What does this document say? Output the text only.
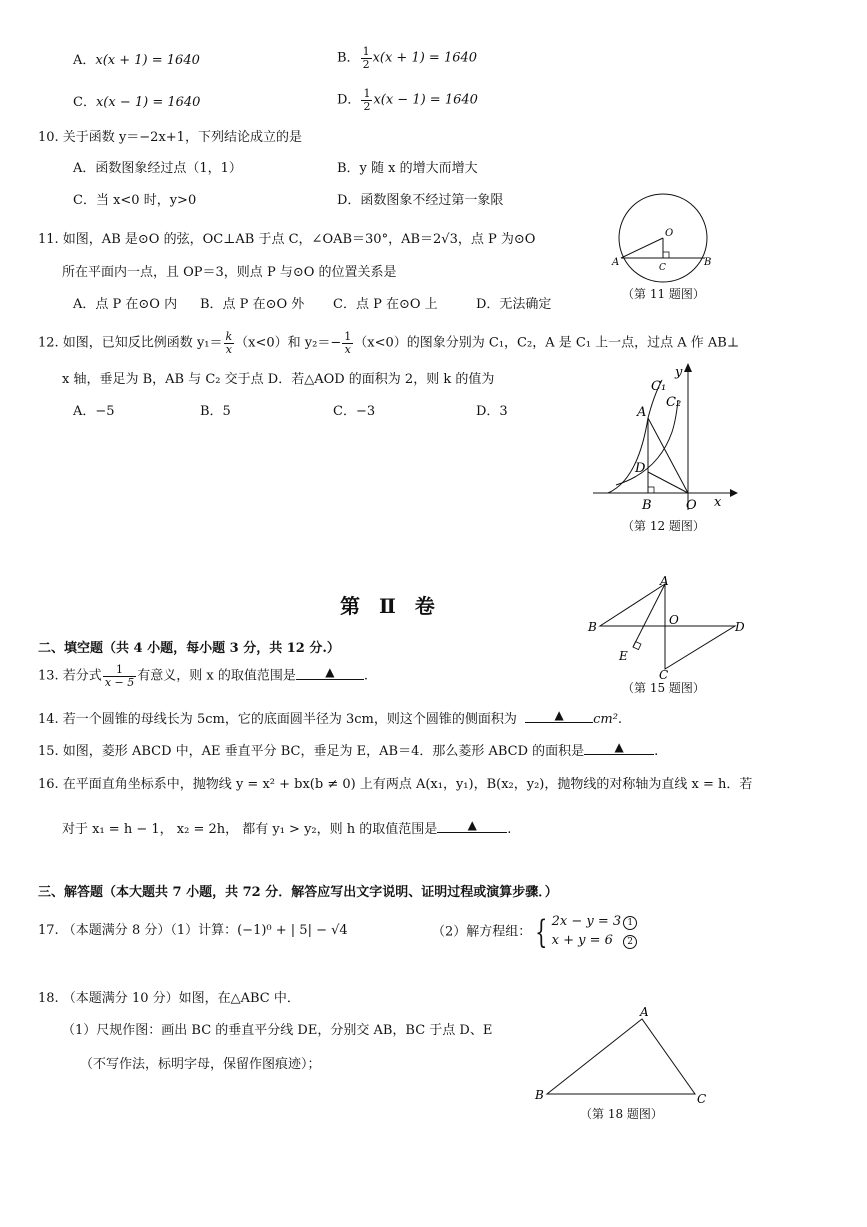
A．x(x + 1) = 1640	B． $\frac{1}{2} x(x + 1) = 1640$
C．x(x − 1) = 1640	D． $\frac{1}{2} x(x - 1) = 1640$
10. 关于函数 y＝−2x+1，下列结论成立的是
A．函数图象经过点（1，1）	B．y 随 x 的增大而增大
C．当 x<0 时，y>0	D．函数图象不经过第一象限
11. 如图，AB 是⊙O 的弦，OC⊥AB 于点 C，∠OAB＝30°，AB＝2√3，点 P 为⊙O
所在平面内一点，且 OP＝3，则点 P 与⊙O 的位置关系是
A．点 P 在⊙O 内 B．点 P 在⊙O 外 C．点 P 在⊙O 上	D．无法确定
O
A	B
C
（第 11 题图）
12. 如图，已知反比例函数 $y_1= \frac{k}{x} (x<0)$和 $y_2=- \frac{1}{x} (x<0)$的图象分别为 C₁，C₂，A 是 C₁ 上一点，过点 A 作 AB⊥
x 轴，垂足为 B，AB 与 C₂ 交于点 D．若△AOD 的面积为 2，则 k 的值为
A．−5	B．5	C．−3	D．3
y
x
C₁
C₂
A
D
B	O
（第 12 题图）
第 Ⅱ 卷
二、填空题（共 4 小题，每小题 3 分，共 12 分.）
A
B	D
C
O
E
（第 15 题图）
13. 若分式 $\frac{1}{x - 5}$ 有意义，则 x 的取值范围是 ▲ .
14. 若一个圆锥的母线长为 5cm，它的底面圆半径为 3cm，则这个圆锥的侧面积为	▲ cm².
15. 如图，菱形 ABCD 中，AE 垂直平分 BC，垂足为 E，AB＝4．那么菱形 ABCD 的面积是	▲ .
16. 在平面直角坐标系中，抛物线 y = x² + bx(b ≠ 0) 上有两点 A(x₁，y₁)，B(x₂，y₂)，抛物线的对称轴为直线 x = h．若
对于 x₁ = h − 1， x₂ = 2h， 都有 y₁ > y₂，则 h 的取值范围是	▲ .
三、解答题（本大题共 7 小题，共 72 分．解答应写出文字说明、证明过程或演算步骤．）
17. （本题满分 8 分）（1）计算：(−1)⁰ + | 5| − √4	（2）解方程组： { 2x − y = 3 1
x + y = 6 2
18. （本题满分 10 分）如图，在△ABC 中．
（1）尺规作图：画出 BC 的垂直平分线 DE，分别交 AB，BC 于点 D、E
（不写作法，标明字母，保留作图痕迹）；
A
B	C
（第 18 题图）
